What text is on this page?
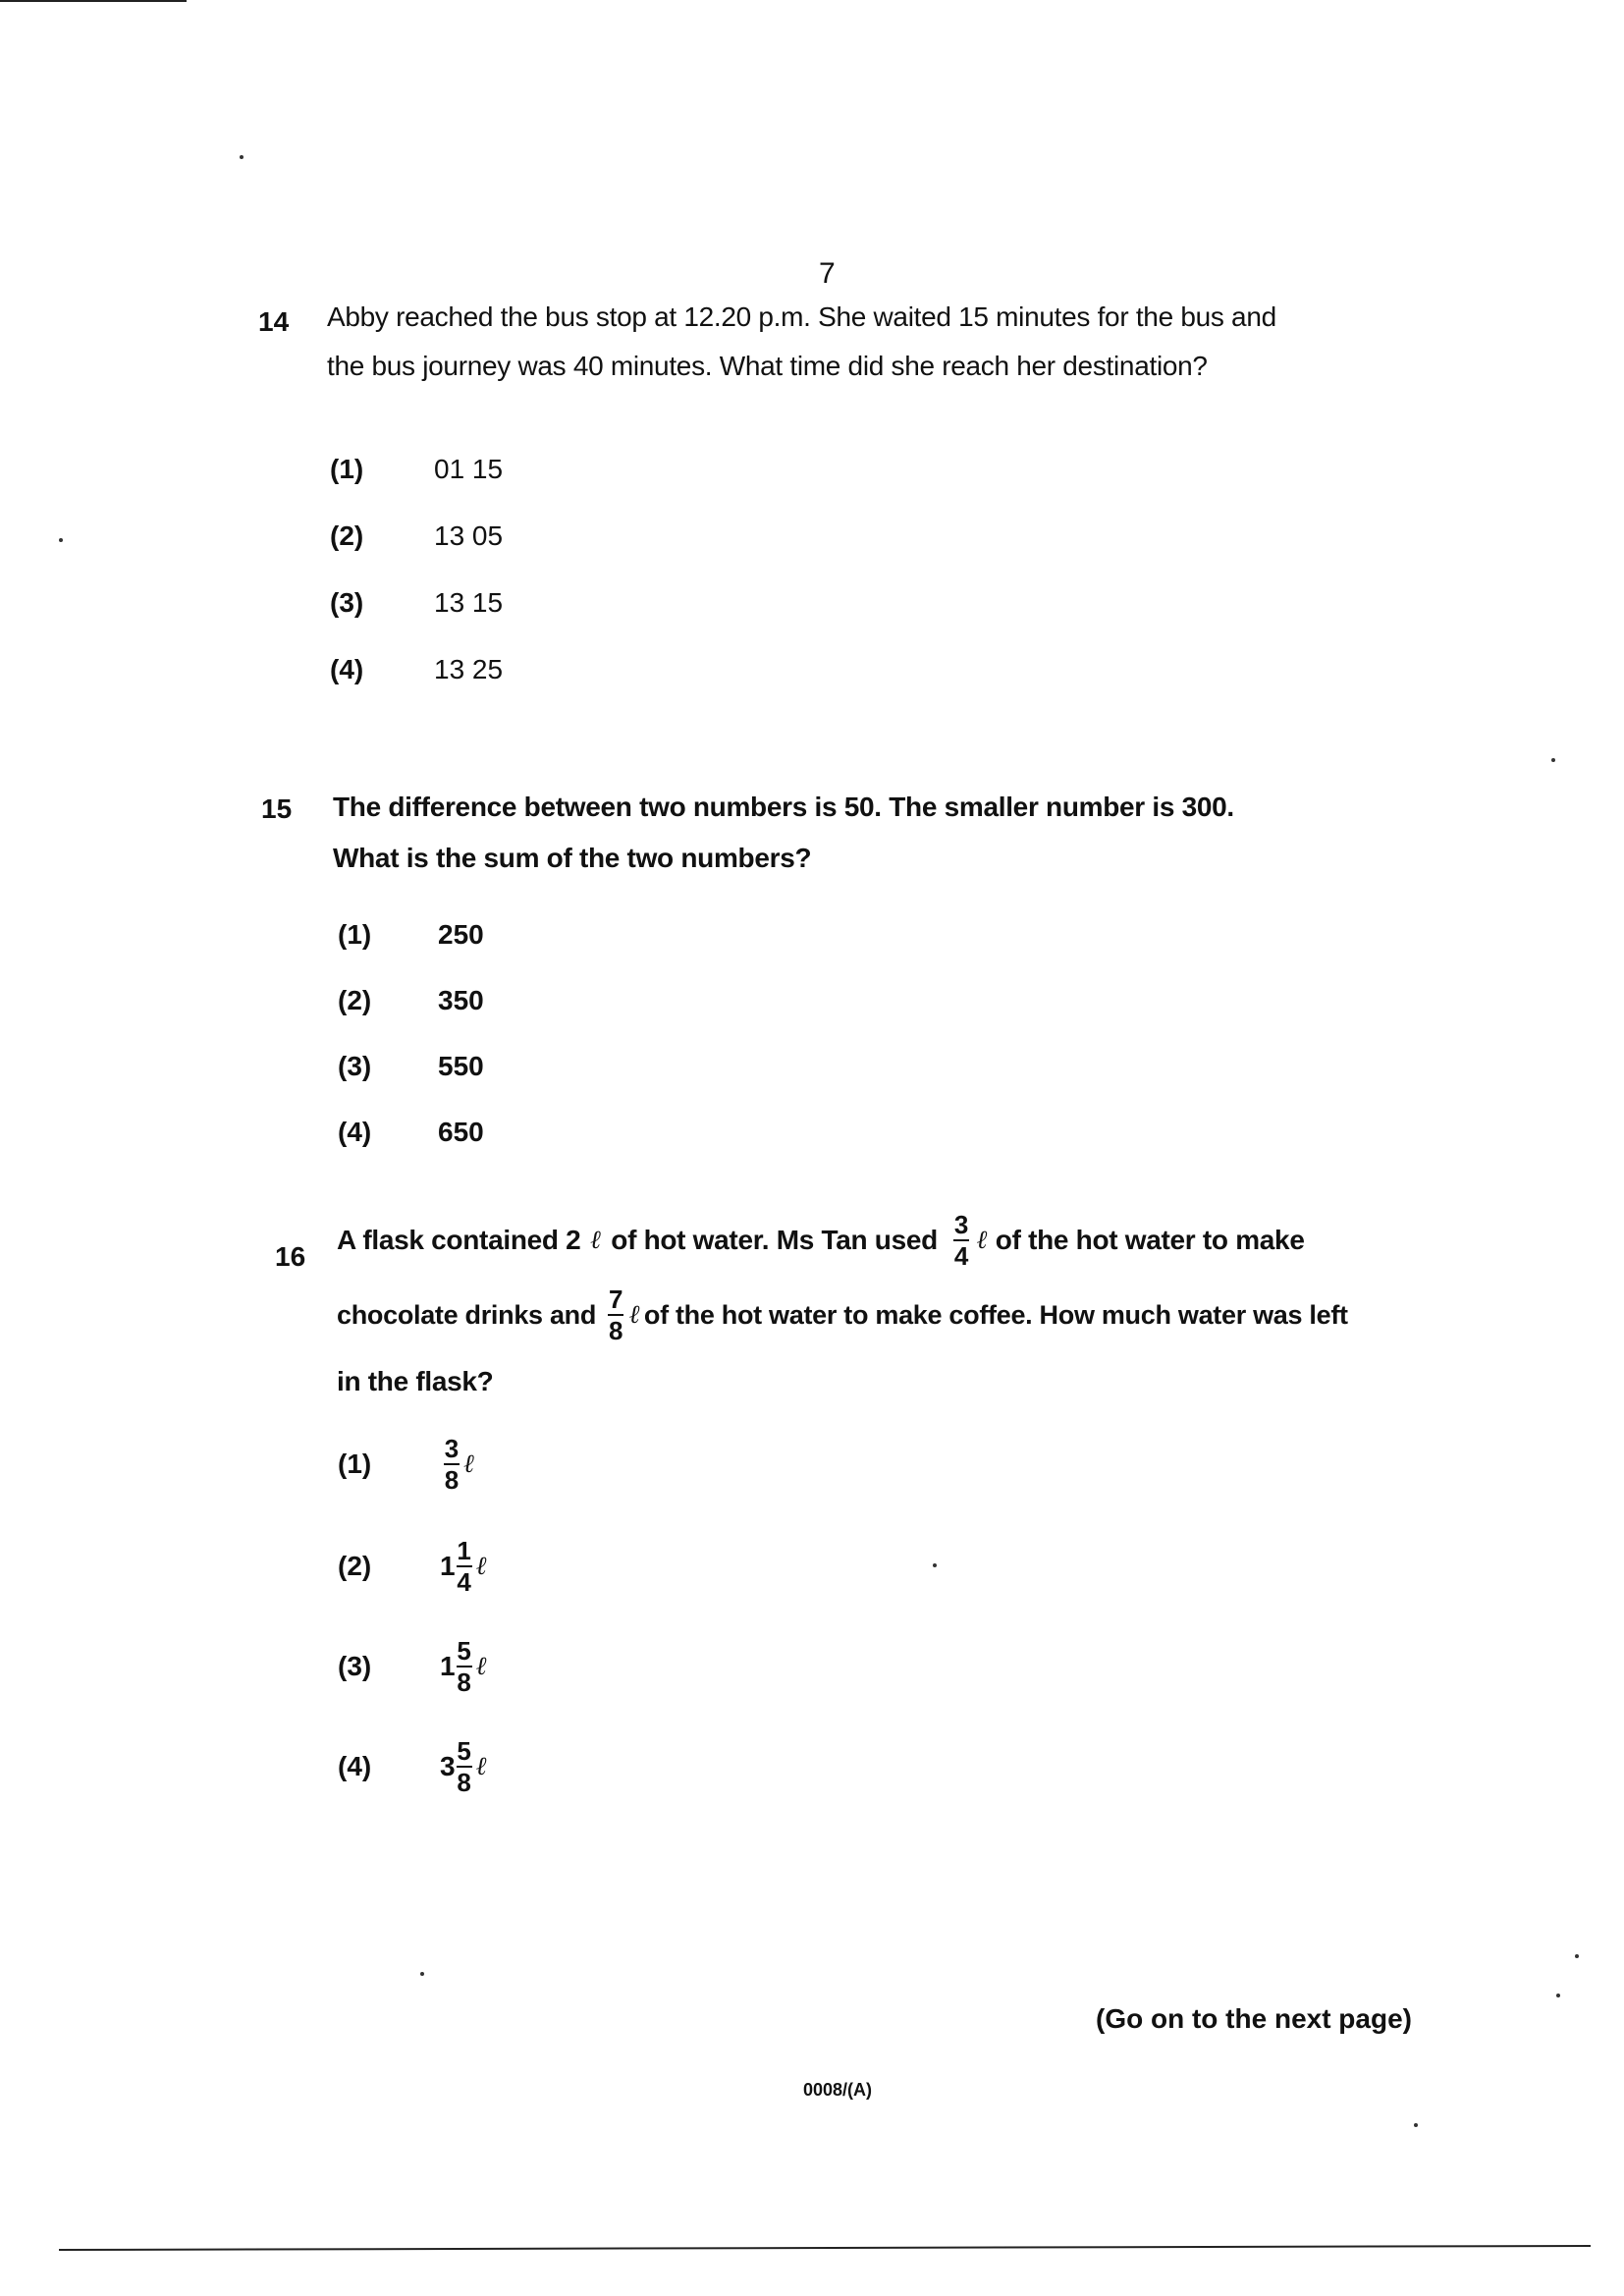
7
14 Abby reached the bus stop at 12.20 p.m. She waited 15 minutes for the bus and
the bus journey was 40 minutes. What time did she reach her destination?
(1)	01 15
(2)	13 05
(3)	13 15
(4)	13 25
15 The difference between two numbers is 50. The smaller number is 300.
What is the sum of the two numbers?
(1)	250
(2)	350
(3)	550
(4)	650
16
A flask contained 2 ℓ of hot water. Ms Tan used $\frac{3}{4}$ ℓ of the hot water to make
chocolate drinks and $\frac{7}{8}$ ℓ of the hot water to make coffee. How much water was left
in the flask?
(1)	$\frac{3}{8}$ ℓ
(2)	$1 \frac{1}{4}$ ℓ
(3)	$1 \frac{5}{8}$ ℓ
(4)	$3 \frac{5}{8}$ ℓ
(Go on to the next page)
0008/(A)
